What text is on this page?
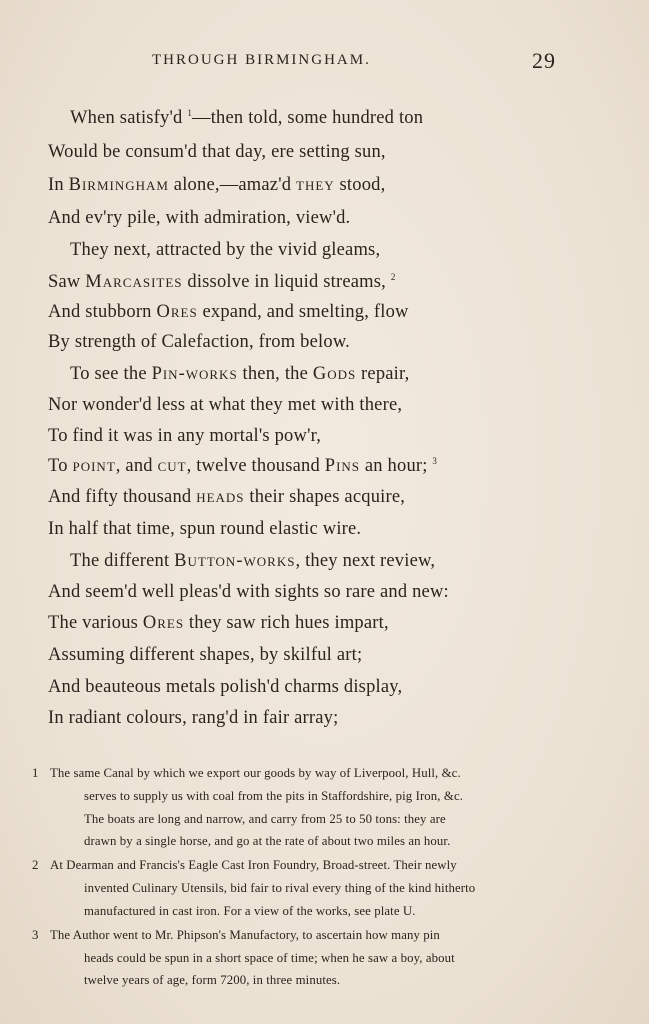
THROUGH BIRMINGHAM.	29
When satisfy'd $^1$—then told, some hundred ton
Would be consum'd that day, ere setting sun,
In Birmingham alone,—amaz'd they stood,
And ev'ry pile, with admiration, view'd.
They next, attracted by the vivid gleams,
Saw Marcasites dissolve in liquid streams, $^2$
And stubborn Ores expand, and smelting, flow
By strength of Calefaction, from below.
To see the Pin-works then, the Gods repair,
Nor wonder'd less at what they met with there,
To find it was in any mortal's pow'r,
To point, and cut, twelve thousand Pins an hour; $^3$
And fifty thousand heads their shapes acquire,
In half that time, spun round elastic wire.
The different Button-works, they next review,
And seem'd well pleas'd with sights so rare and new:
The various Ores they saw rich hues impart,
Assuming different shapes, by skilful art;
And beauteous metals polish'd charms display,
In radiant colours, rang'd in fair array;
1 The same Canal by which we export our goods by way of Liverpool, Hull, &c.
serves to supply us with coal from the pits in Staffordshire, pig Iron, &c.
The boats are long and narrow, and carry from 25 to 50 tons: they are
drawn by a single horse, and go at the rate of about two miles an hour.
2 At Dearman and Francis's Eagle Cast Iron Foundry, Broad-street. Their newly
invented Culinary Utensils, bid fair to rival every thing of the kind hitherto
manufactured in cast iron. For a view of the works, see plate U.
3 The Author went to Mr. Phipson's Manufactory, to ascertain how many pin
heads could be spun in a short space of time; when he saw a boy, about
twelve years of age, form 7200, in three minutes.
